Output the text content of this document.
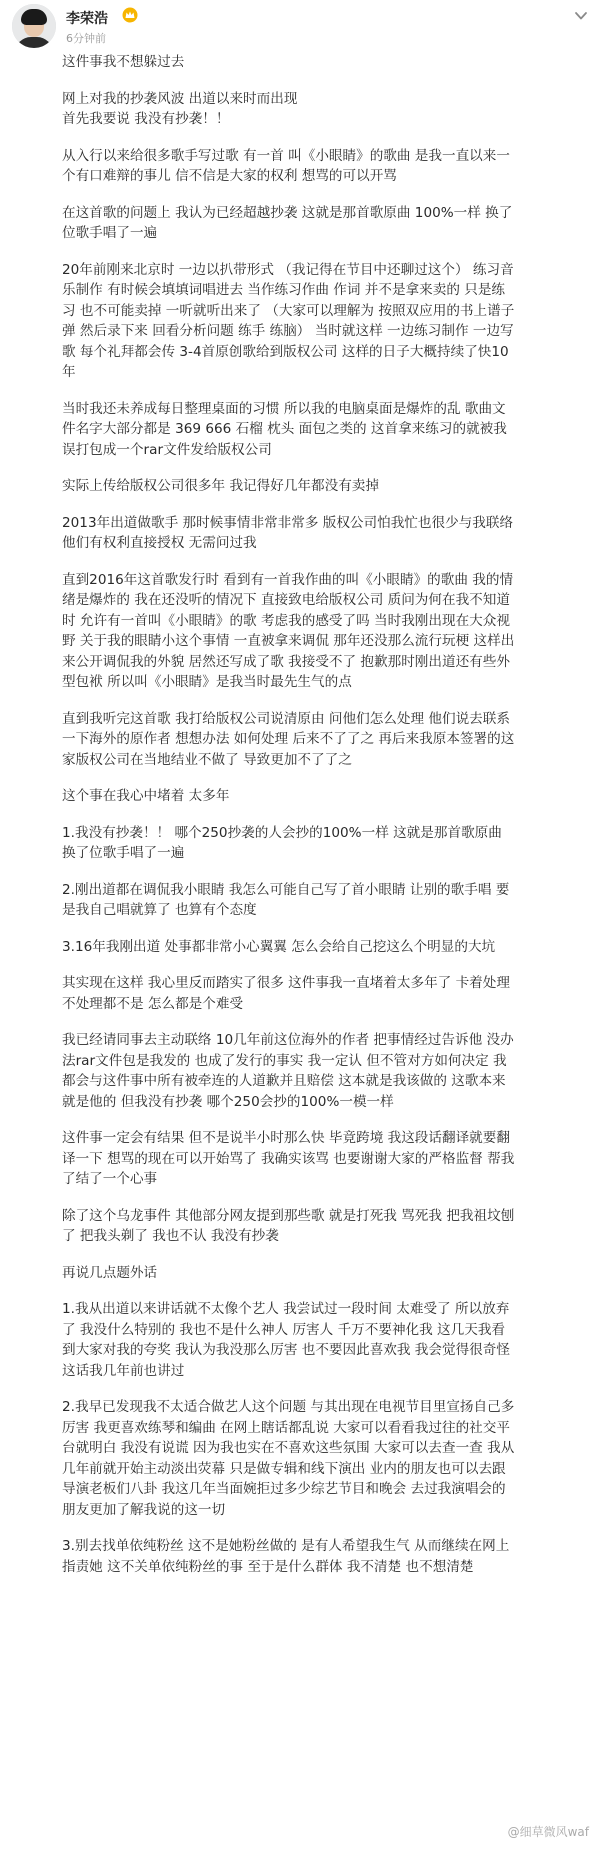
李荣浩
6分钟前

这件事我不想躲过去

网上对我的抄袭风波 出道以来时而出现
首先我要说 我没有抄袭！！

从入行以来给很多歌手写过歌 有一首 叫《小眼睛》的歌曲 是我一直以来一个有口难辩的事儿 信不信是大家的权利 想骂的可以开骂

在这首歌的问题上 我认为已经超越抄袭 这就是那首歌原曲 100%一样 换了位歌手唱了一遍

20年前刚来北京时 一边以扒带形式 （我记得在节目中还聊过这个） 练习音乐制作 有时候会填填词唱进去 当作练习作曲 作词 并不是拿来卖的 只是练习 也不可能卖掉 一听就听出来了 （大家可以理解为 按照双应用的书上谱子弹 然后录下来 回看分析问题 练手 练脑） 当时就这样 一边练习制作 一边写歌 每个礼拜都会传 3-4首原创歌给到版权公司 这样的日子大概持续了快10年

当时我还未养成每日整理桌面的习惯 所以我的电脑桌面是爆炸的乱 歌曲文件名字大部分都是 369 666 石榴 枕头 面包之类的 这首拿来练习的就被我误打包成一个rar文件发给版权公司

实际上传给版权公司很多年 我记得好几年都没有卖掉

2013年出道做歌手 那时候事情非常非常多 版权公司怕我忙也很少与我联络 他们有权利直接授权 无需问过我

直到2016年这首歌发行时 看到有一首我作曲的叫《小眼睛》的歌曲 我的情绪是爆炸的 我在还没听的情况下 直接致电给版权公司 质问为何在我不知道时 允许有一首叫《小眼睛》的歌 考虑我的感受了吗 当时我刚出现在大众视野 关于我的眼睛小这个事情 一直被拿来调侃 那年还没那么流行玩梗 这样出来公开调侃我的外貌 居然还写成了歌 我接受不了 抱歉那时刚出道还有些外型包袱 所以叫《小眼睛》是我当时最先生气的点

直到我听完这首歌 我打给版权公司说清原由 问他们怎么处理 他们说去联系一下海外的原作者 想想办法 如何处理 后来不了了之 再后来我原本签署的这家版权公司在当地结业不做了 导致更加不了了之

这个事在我心中堵着 太多年

1.我没有抄袭！！ 哪个250抄袭的人会抄的100%一样 这就是那首歌原曲 换了位歌手唱了一遍

2.刚出道都在调侃我小眼睛 我怎么可能自己写了首小眼睛 让别的歌手唱 要是我自己唱就算了 也算有个态度

3.16年我刚出道 处事都非常小心翼翼 怎么会给自己挖这么个明显的大坑

其实现在这样 我心里反而踏实了很多 这件事我一直堵着太多年了 卡着处理不处理都不是 怎么都是个难受

我已经请同事去主动联络 10几年前这位海外的作者 把事情经过告诉他 没办法rar文件包是我发的 也成了发行的事实 我一定认 但不管对方如何决定 我都会与这件事中所有被牵连的人道歉并且赔偿 这本就是我该做的 这歌本来就是他的 但我没有抄袭 哪个250会抄的100%一模一样

这件事一定会有结果 但不是说半小时那么快 毕竟跨境 我这段话翻译就要翻译一下 想骂的现在可以开始骂了 我确实该骂 也要谢谢大家的严格监督 帮我了结了一个心事

除了这个乌龙事件 其他部分网友提到那些歌 就是打死我 骂死我 把我祖坟刨了 把我头剃了 我也不认 我没有抄袭

再说几点题外话

1.我从出道以来讲话就不太像个艺人 我尝试过一段时间 太难受了 所以放弃了 我没什么特别的 我也不是什么神人 厉害人 千万不要神化我 这几天我看到大家对我的夸奖 我认为我没那么厉害 也不要因此喜欢我 我会觉得很奇怪 这话我几年前也讲过

2.我早已发现我不太适合做艺人这个问题 与其出现在电视节目里宣扬自己多厉害 我更喜欢练琴和编曲 在网上瞎话都乱说 大家可以看看我过往的社交平台就明白 我没有说谎 因为我也实在不喜欢这些氛围 大家可以去查一查 我从几年前就开始主动淡出荧幕 只是做专辑和线下演出 业内的朋友也可以去跟导演老板们八卦 我这几年当面婉拒过多少综艺节目和晚会 去过我演唱会的朋友更加了解我说的这一切

3.别去找单依纯粉丝 这不是她粉丝做的 是有人希望我生气 从而继续在网上指责她 这不关单依纯粉丝的事 至于是什么群体 我不清楚 也不想清楚

@细草微风waf
